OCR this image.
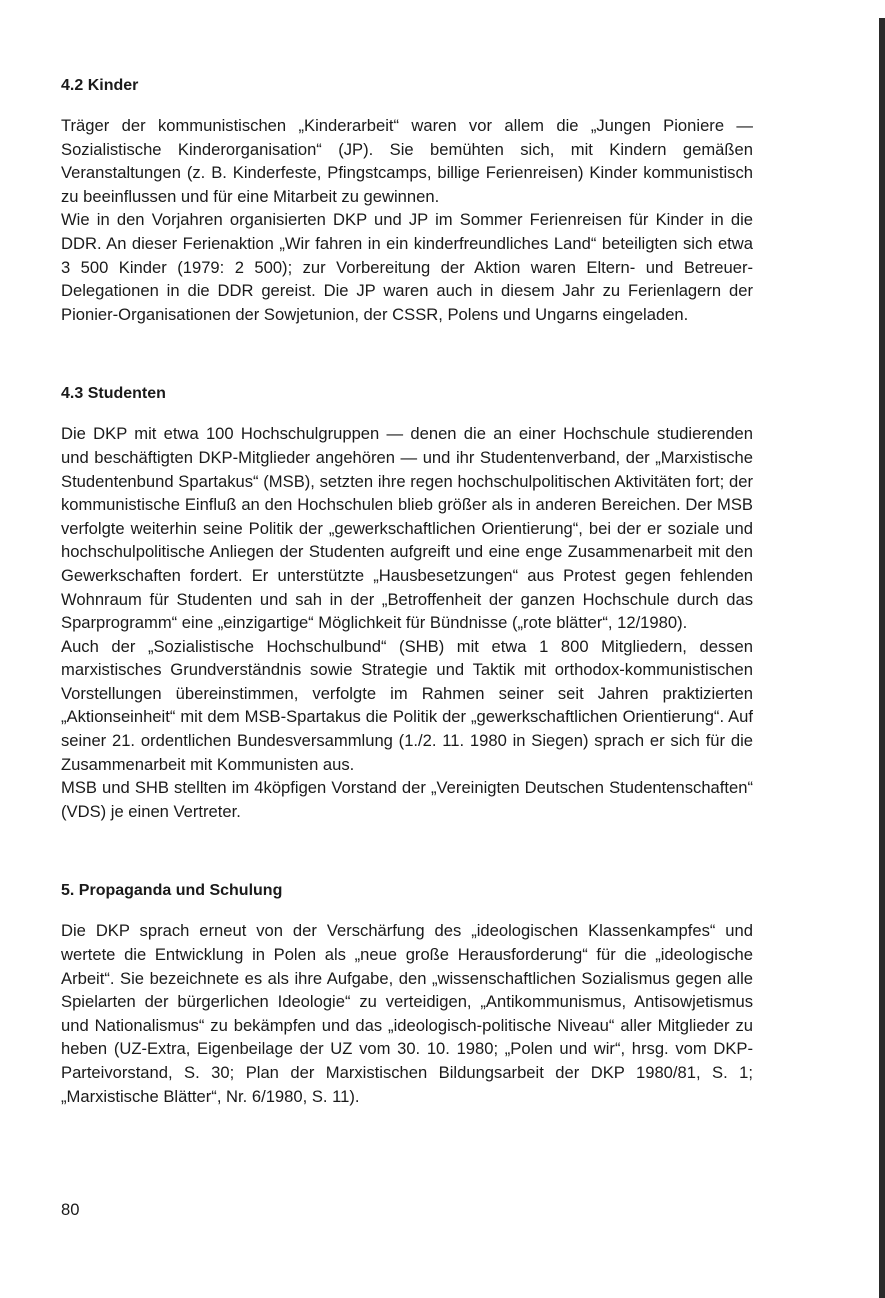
4.2 Kinder

Träger der kommunistischen „Kinderarbeit“ waren vor allem die „Jungen Pioniere — Sozialistische Kinderorganisation“ (JP). Sie bemühten sich, mit Kindern gemäßen Veranstaltungen (z. B. Kinderfeste, Pfingstcamps, billige Ferienreisen) Kinder kommunistisch zu beeinflussen und für eine Mitarbeit zu gewinnen.

Wie in den Vorjahren organisierten DKP und JP im Sommer Ferienreisen für Kinder in die DDR. An dieser Ferienaktion „Wir fahren in ein kinderfreundliches Land“ beteiligten sich etwa 3 500 Kinder (1979: 2 500); zur Vorbereitung der Aktion waren Eltern- und Betreuer-Delegationen in die DDR gereist. Die JP waren auch in diesem Jahr zu Ferienlagern der Pionier-Organisationen der Sowjetunion, der CSSR, Polens und Ungarns eingeladen.

4.3 Studenten

Die DKP mit etwa 100 Hochschulgruppen — denen die an einer Hochschule studierenden und beschäftigten DKP-Mitglieder angehören — und ihr Studentenverband, der „Marxistische Studentenbund Spartakus“ (MSB), setzten ihre regen hochschulpolitischen Aktivitäten fort; der kommunistische Einfluß an den Hochschulen blieb größer als in anderen Bereichen. Der MSB verfolgte weiterhin seine Politik der „gewerkschaftlichen Orientierung“, bei der er soziale und hochschulpolitische Anliegen der Studenten aufgreift und eine enge Zusammenarbeit mit den Gewerkschaften fordert. Er unterstützte „Hausbesetzungen“ aus Protest gegen fehlenden Wohnraum für Studenten und sah in der „Betroffenheit der ganzen Hochschule durch das Sparprogramm“ eine „einzigartige“ Möglichkeit für Bündnisse („rote blätter“, 12/1980).

Auch der „Sozialistische Hochschulbund“ (SHB) mit etwa 1 800 Mitgliedern, dessen marxistisches Grundverständnis sowie Strategie und Taktik mit orthodox-kommunistischen Vorstellungen übereinstimmen, verfolgte im Rahmen seiner seit Jahren praktizierten „Aktionseinheit“ mit dem MSB-Spartakus die Politik der „gewerkschaftlichen Orientierung“. Auf seiner 21. ordentlichen Bundesversammlung (1./2. 11. 1980 in Siegen) sprach er sich für die Zusammenarbeit mit Kommunisten aus.

MSB und SHB stellten im 4köpfigen Vorstand der „Vereinigten Deutschen Studentenschaften“ (VDS) je einen Vertreter.

5. Propaganda und Schulung

Die DKP sprach erneut von der Verschärfung des „ideologischen Klassenkampfes“ und wertete die Entwicklung in Polen als „neue große Herausforderung“ für die „ideologische Arbeit“. Sie bezeichnete es als ihre Aufgabe, den „wissenschaftlichen Sozialismus gegen alle Spielarten der bürgerlichen Ideologie“ zu verteidigen, „Antikommunismus, Antisowjetismus und Nationalismus“ zu bekämpfen und das „ideologisch-politische Niveau“ aller Mitglieder zu heben (UZ-Extra, Eigenbeilage der UZ vom 30. 10. 1980; „Polen und wir“, hrsg. vom DKP-Parteivorstand, S. 30; Plan der Marxistischen Bildungsarbeit der DKP 1980/81, S. 1; „Marxistische Blätter“, Nr. 6/1980, S. 11).

80
